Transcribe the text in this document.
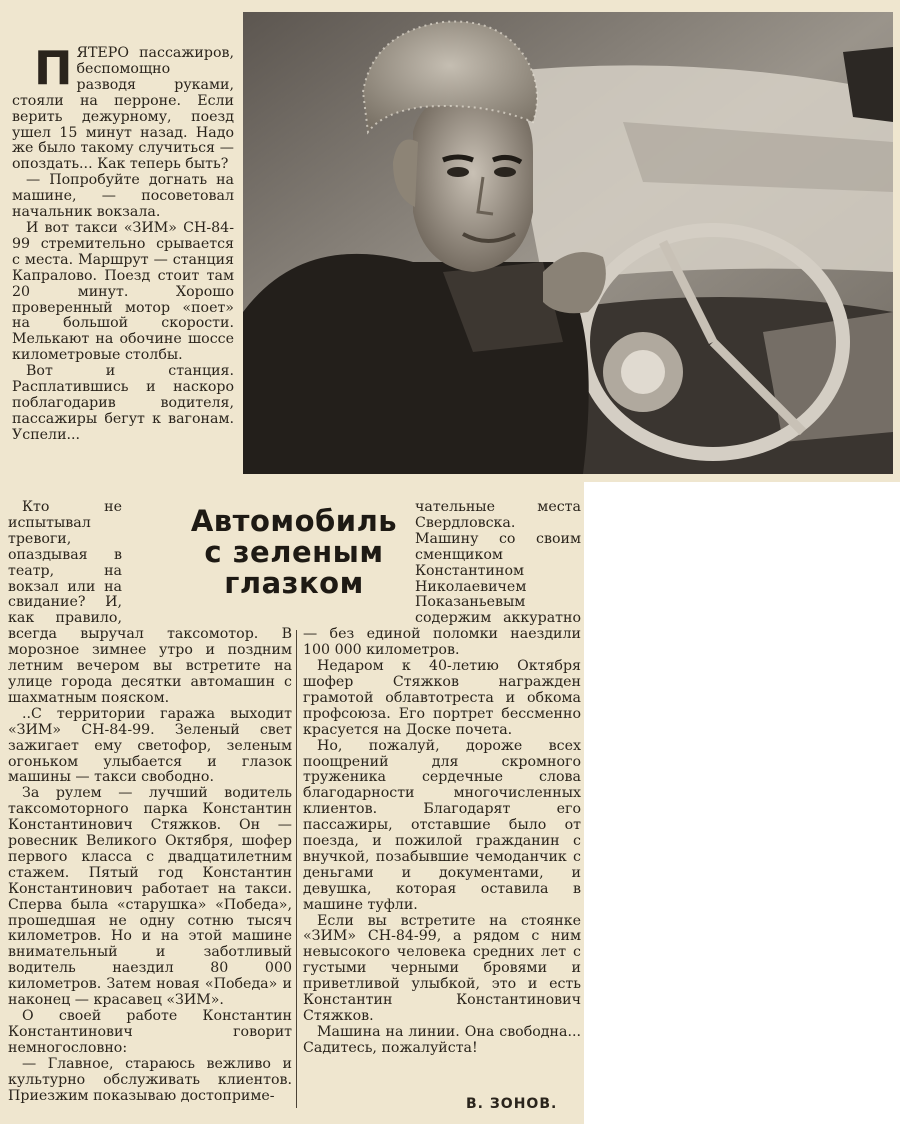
П ЯТЕРО пассажиров, беспомощно разводя руками, стояли на перроне. Если верить дежурному, поезд ушел 15 минут назад. Надо же было такому случиться — опоздать... Как теперь быть?

— Попробуйте догнать на машине, — посоветовал начальник вокзала.

И вот такси «ЗИМ» СН-84-99 стремительно срывается с места. Маршрут — станция Капралово. Поезд стоит там 20 минут. Хорошо проверенный мотор «поет» на большой скорости. Мелькают на обочине шоссе километровые столбы.

Вот и станция. Расплатившись и наскоро поблагодарив водителя, пассажиры бегут к вагонам. Успели...

Автомобиль
с зеленым
глазком

Кто не испытывал тревоги, опаздывая в театр, на вокзал или на свидание? И, как правило, всегда выручал таксомотор. В морозное зимнее утро и поздним летним вечером вы встретите на улице города десятки автомашин с шахматным пояском.

..С территории гаража выходит «ЗИМ» СН-84-99. Зеленый свет зажигает ему светофор, зеленым огоньком улыбается и глазок машины — такси свободно.

За рулем — лучший водитель таксомоторного парка Константин Константинович Стяжков. Он — ровесник Великого Октября, шофер первого класса с двадцатилетним стажем. Пятый год Константин Константинович работает на такси. Сперва была «старушка» «Победа», прошедшая не одну сотню тысяч километров. Но и на этой машине внимательный и заботливый водитель наездил 80 000 километров. Затем новая «Победа» и наконец — красавец «ЗИМ».

О своей работе Константин Константинович говорит немногословно:

— Главное, стараюсь вежливо и культурно обслуживать клиентов. Приезжим показываю достоприме-

чательные места Свердловска. Машину со своим сменщиком Константином Николаевичем Показаньевым содержим аккуратно — без единой поломки наездили 100 000 километров.

Недаром к 40-летию Октября шофер Стяжков награжден грамотой облавтотреста и обкома профсоюза. Его портрет бессменно красуется на Доске почета.

Но, пожалуй, дороже всех поощрений для скромного труженика сердечные слова благодарности многочисленных клиентов. Благодарят его пассажиры, отставшие было от поезда, и пожилой гражданин с внучкой, позабывшие чемоданчик с деньгами и документами, и девушка, которая оставила в машине туфли.

Если вы встретите на стоянке «ЗИМ» СН-84-99, а рядом с ним невысокого человека средних лет с густыми черными бровями и приветливой улыбкой, это и есть Константин Константинович Стяжков.

Машина на линии. Она свободна... Садитесь, пожалуйста!

В. ЗОНОВ.
